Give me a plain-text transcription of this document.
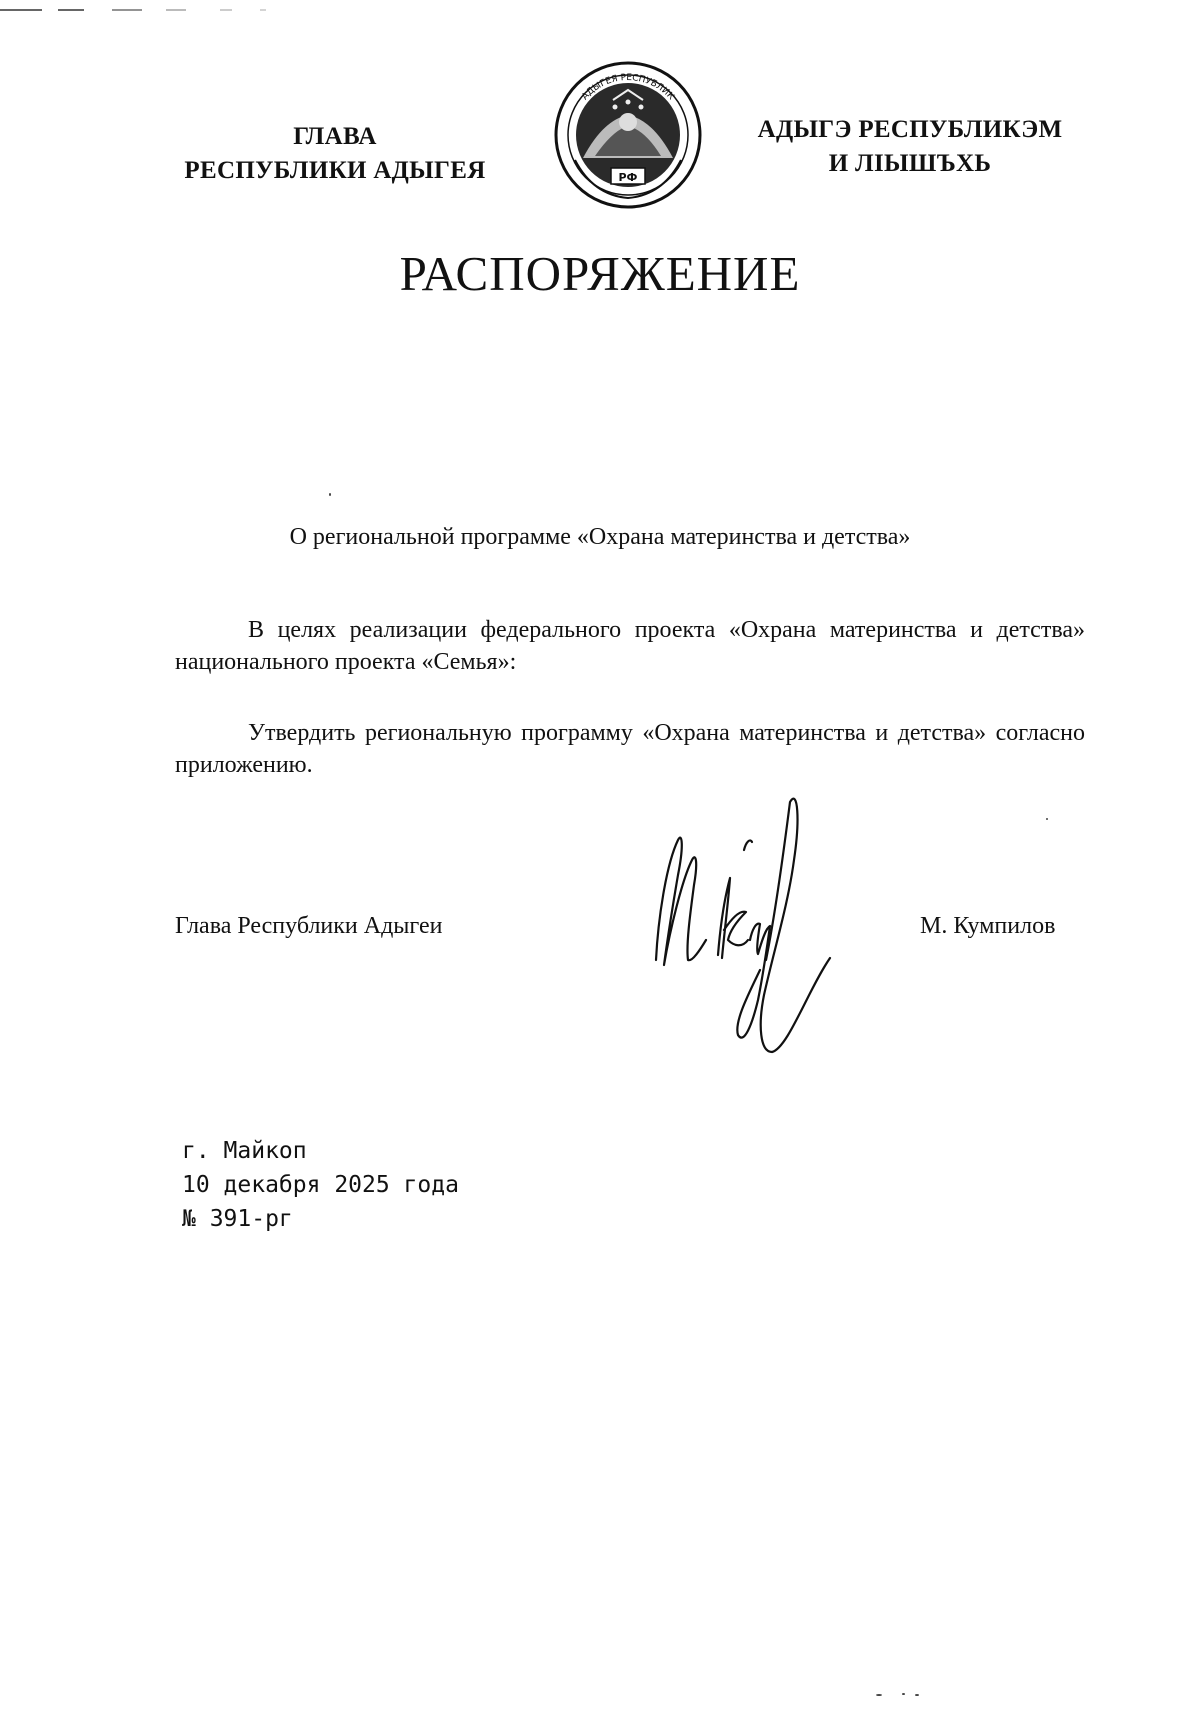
ГЛАВА
РЕСПУБЛИКИ АДЫГЕЯ	РФ
АДЫГЕЯ РЕСПУБЛИК
АДЫГЭ РЕСПУБЛИКЭМ
И ЛІЫШЪХЬ
РАСПОРЯЖЕНИЕ
О региональной программе «Охрана материнства и детства»

В целях реализации федерального проекта «Охрана материнства и детства» национального проекта «Семья»:

Утвердить региональную программу «Охрана материнства и детства» согласно приложению.

Глава Республики Адыгеи	М. Кумпилов
г. Майкоп
10 декабря 2025 года
№ 391-рг
